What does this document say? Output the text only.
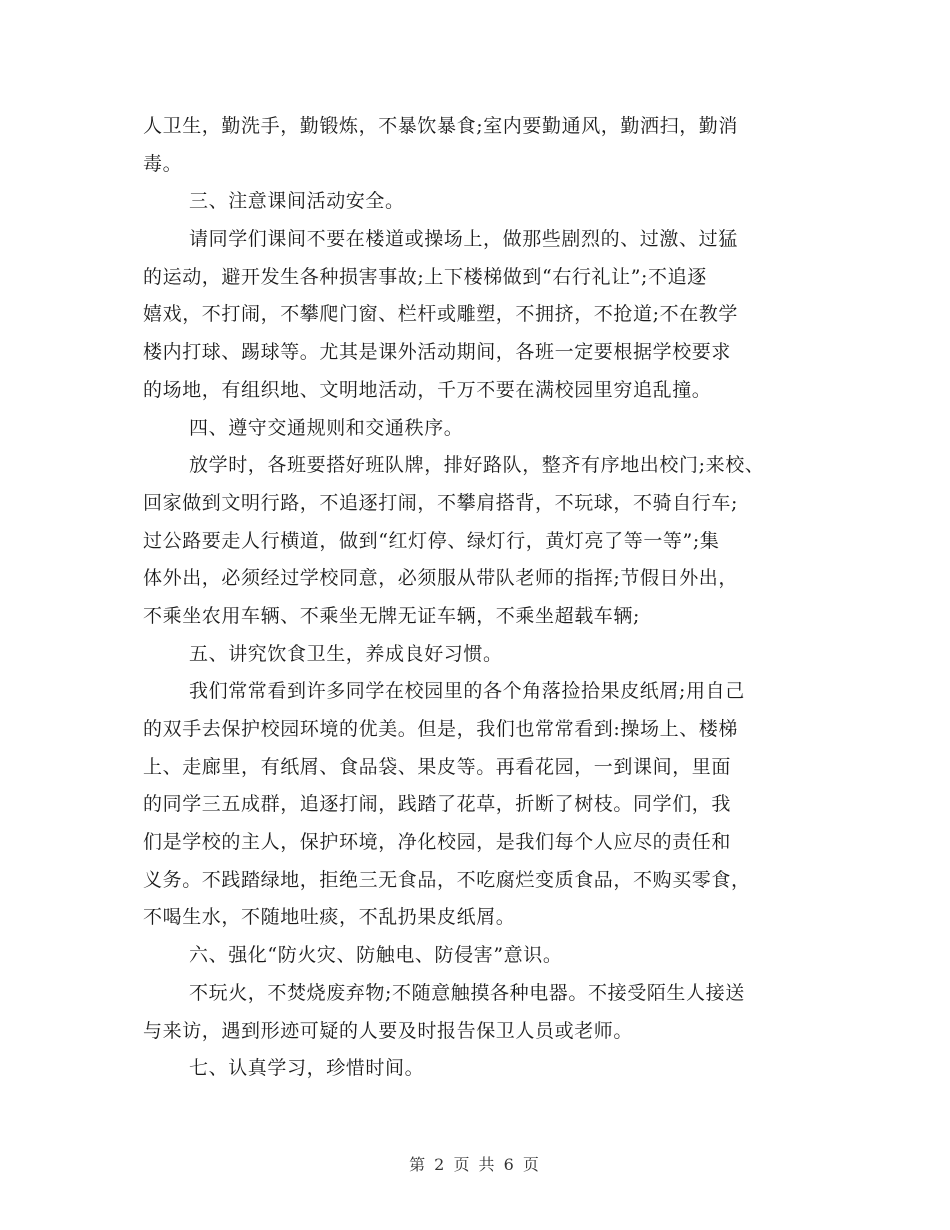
人卫生，勤洗手，勤锻炼，不暴饮暴食;室内要勤通风，勤洒扫，勤消
毒。
三、注意课间活动安全。
请同学们课间不要在楼道或操场上，做那些剧烈的、过激、过猛
的运动，避开发生各种损害事故;上下楼梯做到“右行礼让”;不追逐
嬉戏，不打闹，不攀爬门窗、栏杆或雕塑，不拥挤，不抢道;不在教学
楼内打球、踢球等。尤其是课外活动期间，各班一定要根据学校要求
的场地，有组织地、文明地活动，千万不要在满校园里穷追乱撞。
四、遵守交通规则和交通秩序。
放学时，各班要搭好班队牌，排好路队，整齐有序地出校门;来校、
回家做到文明行路，不追逐打闹，不攀肩搭背，不玩球，不骑自行车;
过公路要走人行横道，做到“红灯停、绿灯行，黄灯亮了等一等”;集
体外出，必须经过学校同意，必须服从带队老师的指挥;节假日外出，
不乘坐农用车辆、不乘坐无牌无证车辆，不乘坐超载车辆;
五、讲究饮食卫生，养成良好习惯。
我们常常看到许多同学在校园里的各个角落捡拾果皮纸屑;用自己
的双手去保护校园环境的优美。但是，我们也常常看到:操场上、楼梯
上、走廊里，有纸屑、食品袋、果皮等。再看花园，一到课间，里面
的同学三五成群，追逐打闹，践踏了花草，折断了树枝。同学们，我
们是学校的主人，保护环境，净化校园，是我们每个人应尽的责任和
义务。不践踏绿地，拒绝三无食品，不吃腐烂变质食品，不购买零食，
不喝生水，不随地吐痰，不乱扔果皮纸屑。
六、强化“防火灾、防触电、防侵害”意识。
不玩火，不焚烧废弃物;不随意触摸各种电器。不接受陌生人接送
与来访，遇到形迹可疑的人要及时报告保卫人员或老师。
七、认真学习，珍惜时间。
第 2 页 共 6 页
